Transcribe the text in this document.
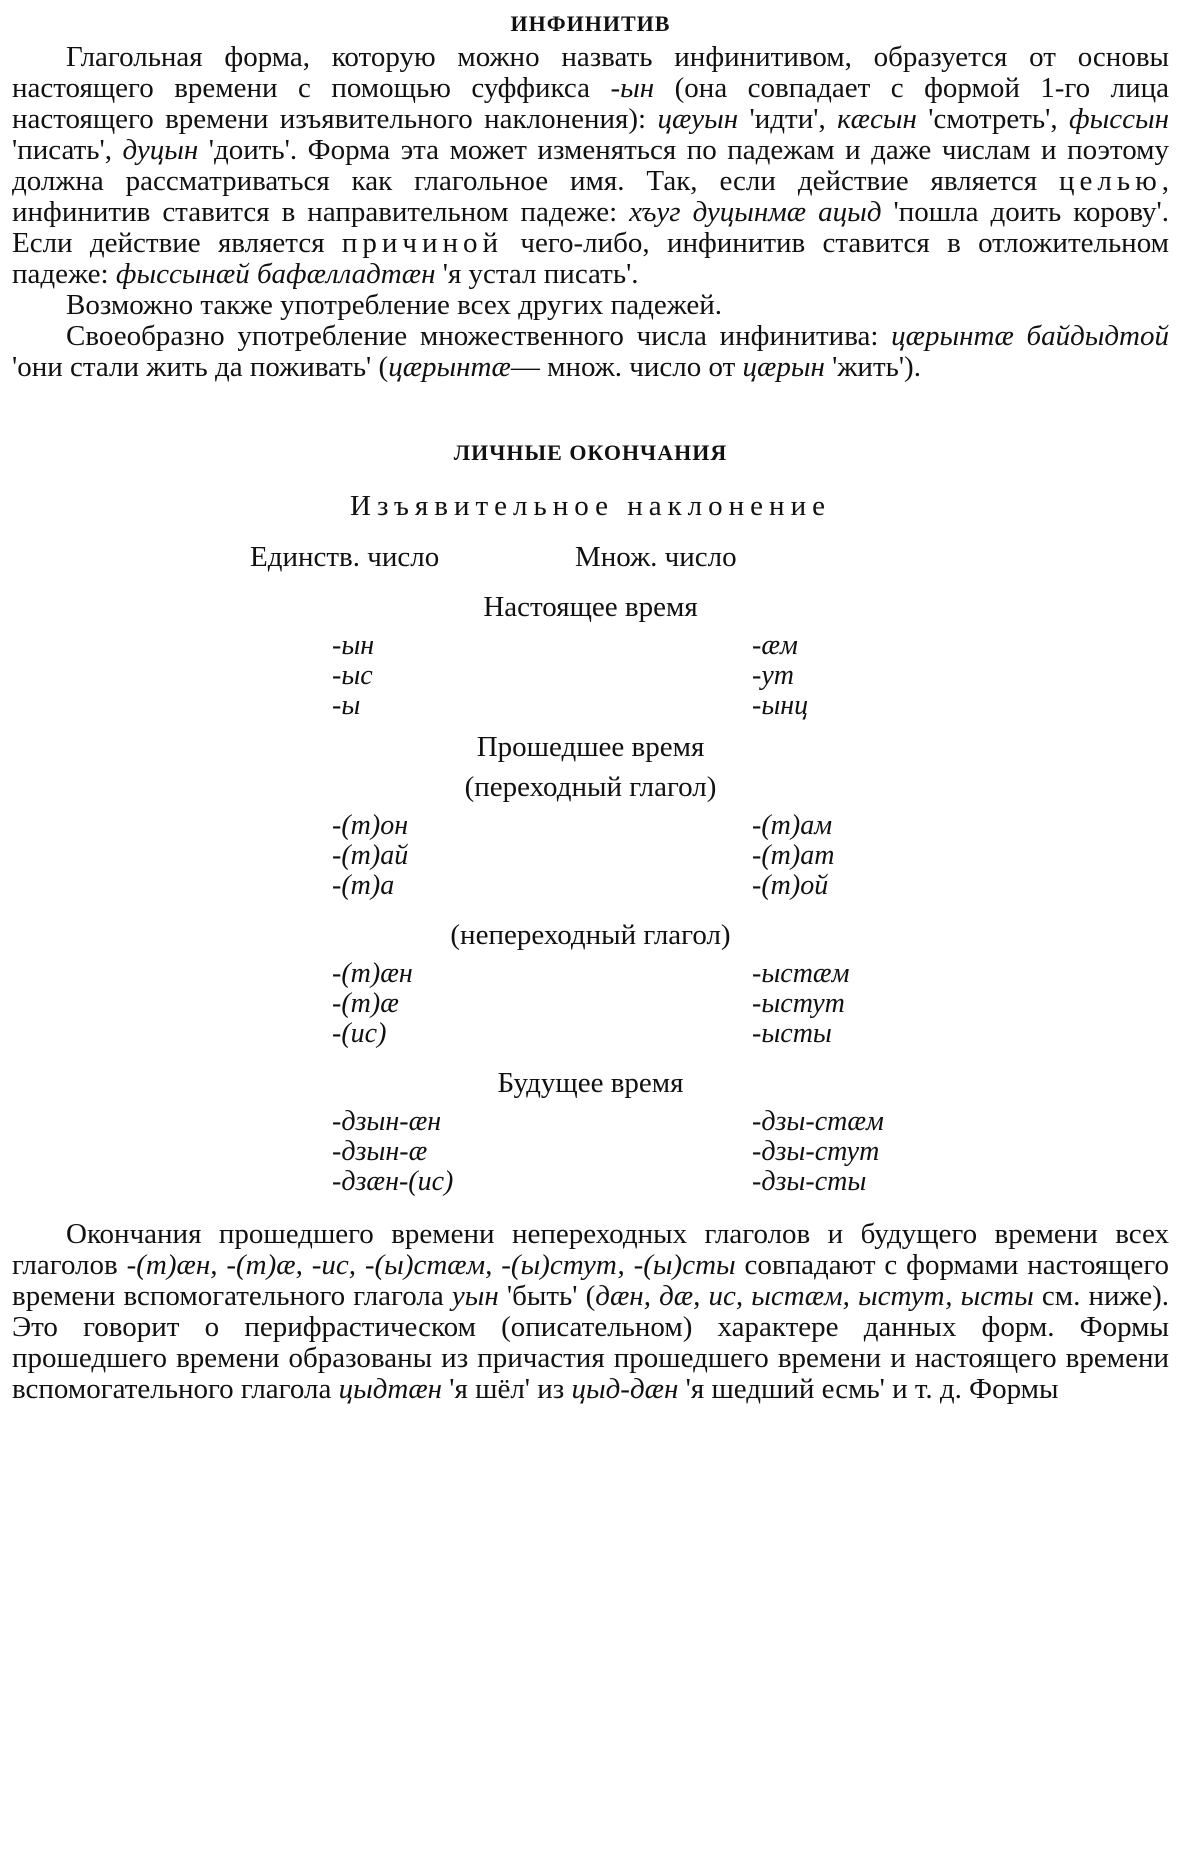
ИНФИНИТИВ

Глагольная форма, которую можно назвать инфинитивом, образуется от основы настоящего времени с помощью суффикса -ын (она совпадает с формой 1-го лица настоящего времени изъявительного наклонения): цæуын 'идти', кæсын 'смотреть', фыссын 'писать', дуцын 'доить'. Форма эта может изменяться по падежам и даже числам и поэтому должна рассматриваться как глагольное имя. Так, если действие является целью, инфинитив ставится в направительном падеже: хъуг дуцынмæ ацыд 'пошла доить корову'. Если действие является причиной чего-либо, инфинитив ставится в отложительном падеже: фыссынæй бафæлладтæн 'я устал писать'.

Возможно также употребление всех других падежей.

Своеобразно употребление множественного числа инфинитива: цæрынтæ байдыдтой 'они стали жить да поживать' (цæрынтæ— множ. число от цæрын 'жить').

ЛИЧНЫЕ ОКОНЧАНИЯ
Изъявительное наклонение
Единств. число	Множ. число
Настоящее время
-ын	-æм
-ыс	-ут
-ы	-ынц
Прошедшее время
(переходный глагол)
-(т)он	-(т)ам
-(т)ай	-(т)ат
-(т)а	-(т)ой
(непереходный глагол)
-(т)æн	-ыстæм
-(т)æ	-ыстут
-(ис)	-ысты
Будущее время
-дзын-æн	-дзы-стæм
-дзын-æ	-дзы-стут
-дзæн-(ис)	-дзы-сты

Окончания прошедшего времени непереходных глаголов и будущего времени всех глаголов -(т)æн, -(т)æ, -ис, -(ы)стæм, -(ы)стут, -(ы)сты совпадают с формами настоящего времени вспомогательного глагола уын 'быть' (дæн, дæ, ис, ыстæм, ыстут, ысты см. ниже). Это говорит о перифрастическом (описательном) характере данных форм. Формы прошедшего времени образованы из причастия прошедшего времени и настоящего времени вспомогательного глагола цыдтæн 'я шёл' из цыд-дæн 'я шедший есмь' и т. д. Формы
